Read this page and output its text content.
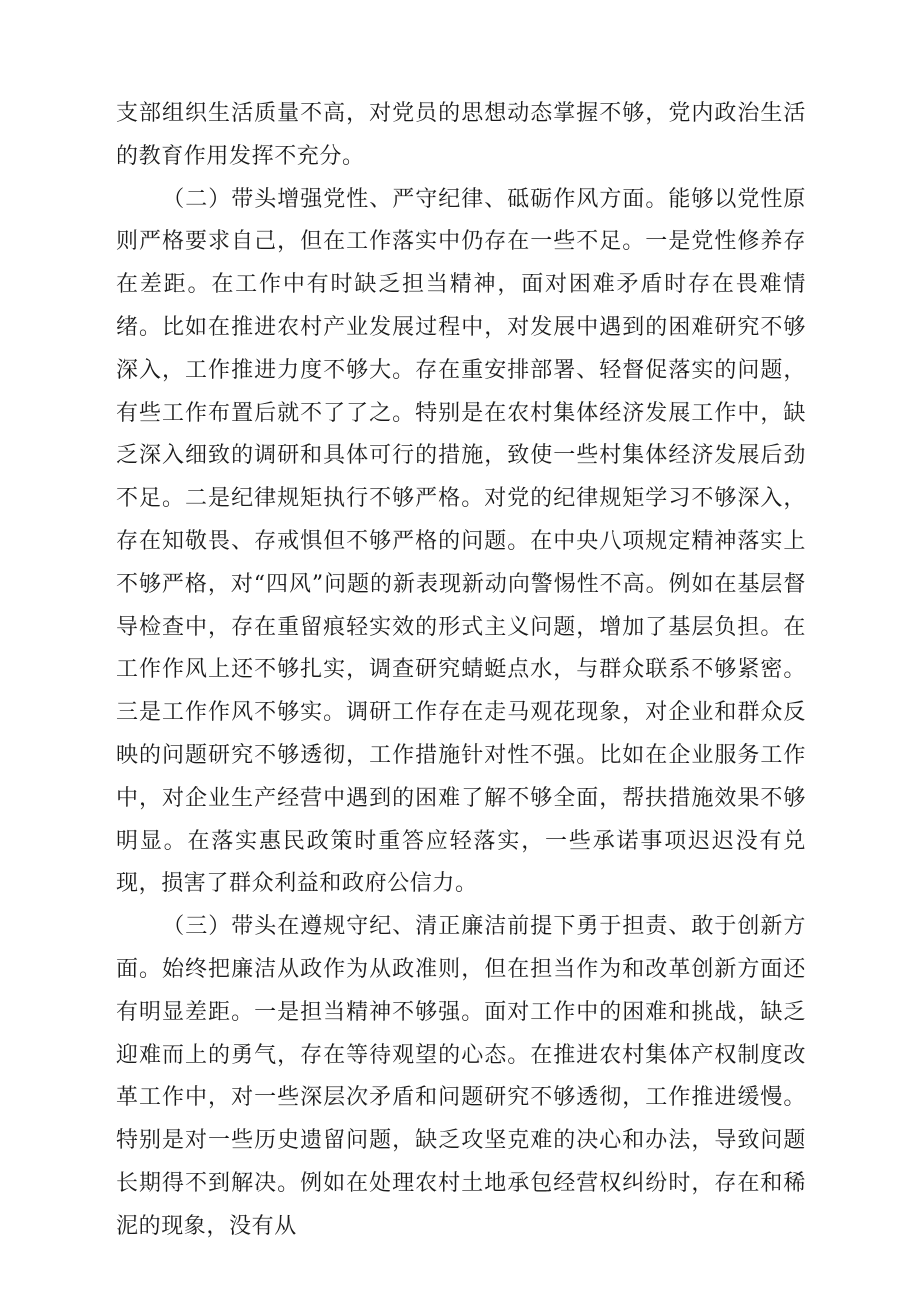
支部组织生活质量不高，对党员的思想动态掌握不够，党内政治生活的教育作用发挥不充分。

（二）带头增强党性、严守纪律、砥砺作风方面。能够以党性原则严格要求自己，但在工作落实中仍存在一些不足。一是党性修养存在差距。在工作中有时缺乏担当精神，面对困难矛盾时存在畏难情绪。比如在推进农村产业发展过程中，对发展中遇到的困难研究不够深入，工作推进力度不够大。存在重安排部署、轻督促落实的问题，有些工作布置后就不了了之。特别是在农村集体经济发展工作中，缺乏深入细致的调研和具体可行的措施，致使一些村集体经济发展后劲不足。二是纪律规矩执行不够严格。对党的纪律规矩学习不够深入，存在知敬畏、存戒惧但不够严格的问题。在中央八项规定精神落实上不够严格，对“四风”问题的新表现新动向警惕性不高。例如在基层督导检查中，存在重留痕轻实效的形式主义问题，增加了基层负担。在工作作风上还不够扎实，调查研究蜻蜓点水，与群众联系不够紧密。三是工作作风不够实。调研工作存在走马观花现象，对企业和群众反映的问题研究不够透彻，工作措施针对性不强。比如在企业服务工作中，对企业生产经营中遇到的困难了解不够全面，帮扶措施效果不够明显。在落实惠民政策时重答应轻落实，一些承诺事项迟迟没有兑现，损害了群众利益和政府公信力。

（三）带头在遵规守纪、清正廉洁前提下勇于担责、敢于创新方面。始终把廉洁从政作为从政准则，但在担当作为和改革创新方面还有明显差距。一是担当精神不够强。面对工作中的困难和挑战，缺乏迎难而上的勇气，存在等待观望的心态。在推进农村集体产权制度改革工作中，对一些深层次矛盾和问题研究不够透彻，工作推进缓慢。特别是对一些历史遗留问题，缺乏攻坚克难的决心和办法，导致问题长期得不到解决。例如在处理农村土地承包经营权纠纷时，存在和稀泥的现象，没有从
